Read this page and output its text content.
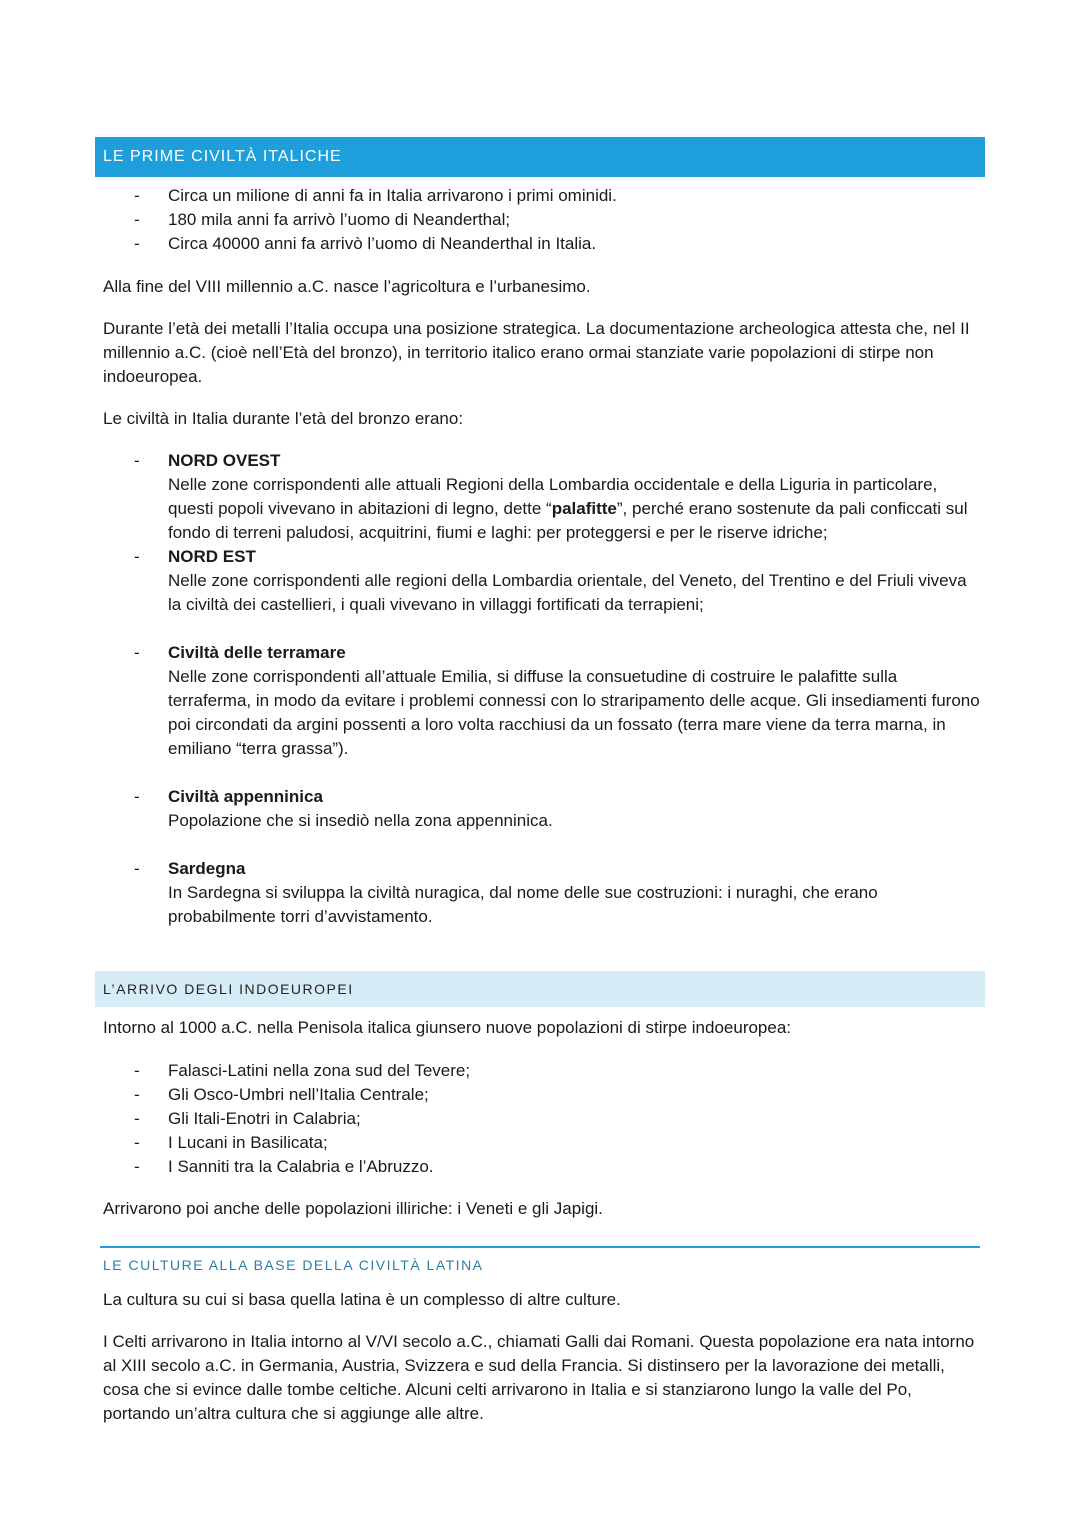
LE PRIME CIVILTÀ ITALICHE
- Circa un milione di anni fa in Italia arrivarono i primi ominidi.
- 180 mila anni fa arrivò l’uomo di Neanderthal;
- Circa 40000 anni fa arrivò l’uomo di Neanderthal in Italia.

Alla fine del VIII millennio a.C. nasce l’agricoltura e l’urbanesimo.

Durante l’età dei metalli l’Italia occupa una posizione strategica. La documentazione archeologica attesta che, nel II millennio a.C. (cioè nell’Età del bronzo), in territorio italico erano ormai stanziate varie popolazioni di stirpe non indoeuropea.

Le civiltà in Italia durante l’età del bronzo erano:

- NORD OVEST
Nelle zone corrispondenti alle attuali Regioni della Lombardia occidentale e della Liguria in particolare, questi popoli vivevano in abitazioni di legno, dette “palafitte”, perché erano sostenute da pali conficcati sul fondo di terreni paludosi, acquitrini, fiumi e laghi: per proteggersi e per le riserve idriche;
- NORD EST
Nelle zone corrispondenti alle regioni della Lombardia orientale, del Veneto, del Trentino e del Friuli viveva la civiltà dei castellieri, i quali vivevano in villaggi fortificati da terrapieni;
- Civiltà delle terramare
Nelle zone corrispondenti all’attuale Emilia, si diffuse la consuetudine di costruire le palafitte sulla terraferma, in modo da evitare i problemi connessi con lo straripamento delle acque. Gli insediamenti furono poi circondati da argini possenti a loro volta racchiusi da un fossato (terra mare viene da terra marna, in emiliano “terra grassa”).
- Civiltà appenninica
Popolazione che si insediò nella zona appenninica.
- Sardegna
In Sardegna si sviluppa la civiltà nuragica, dal nome delle sue costruzioni: i nuraghi, che erano probabilmente torri d’avvistamento.
L’ARRIVO DEGLI INDOEUROPEI

Intorno al 1000 a.C. nella Penisola italica giunsero nuove popolazioni di stirpe indoeuropea:

- Falasci-Latini nella zona sud del Tevere;
- Gli Osco-Umbri nell’Italia Centrale;
- Gli Itali-Enotri in Calabria;
- I Lucani in Basilicata;
- I Sanniti tra la Calabria e l’Abruzzo.

Arrivarono poi anche delle popolazioni illiriche: i Veneti e gli Japigi.

LE CULTURE ALLA BASE DELLA CIVILTÀ LATINA

La cultura su cui si basa quella latina è un complesso di altre culture.

I Celti arrivarono in Italia intorno al V/VI secolo a.C., chiamati Galli dai Romani. Questa popolazione era nata intorno al XIII secolo a.C. in Germania, Austria, Svizzera e sud della Francia. Si distinsero per la lavorazione dei metalli, cosa che si evince dalle tombe celtiche. Alcuni celti arrivarono in Italia e si stanziarono lungo la valle del Po, portando un’altra cultura che si aggiunge alle altre.
